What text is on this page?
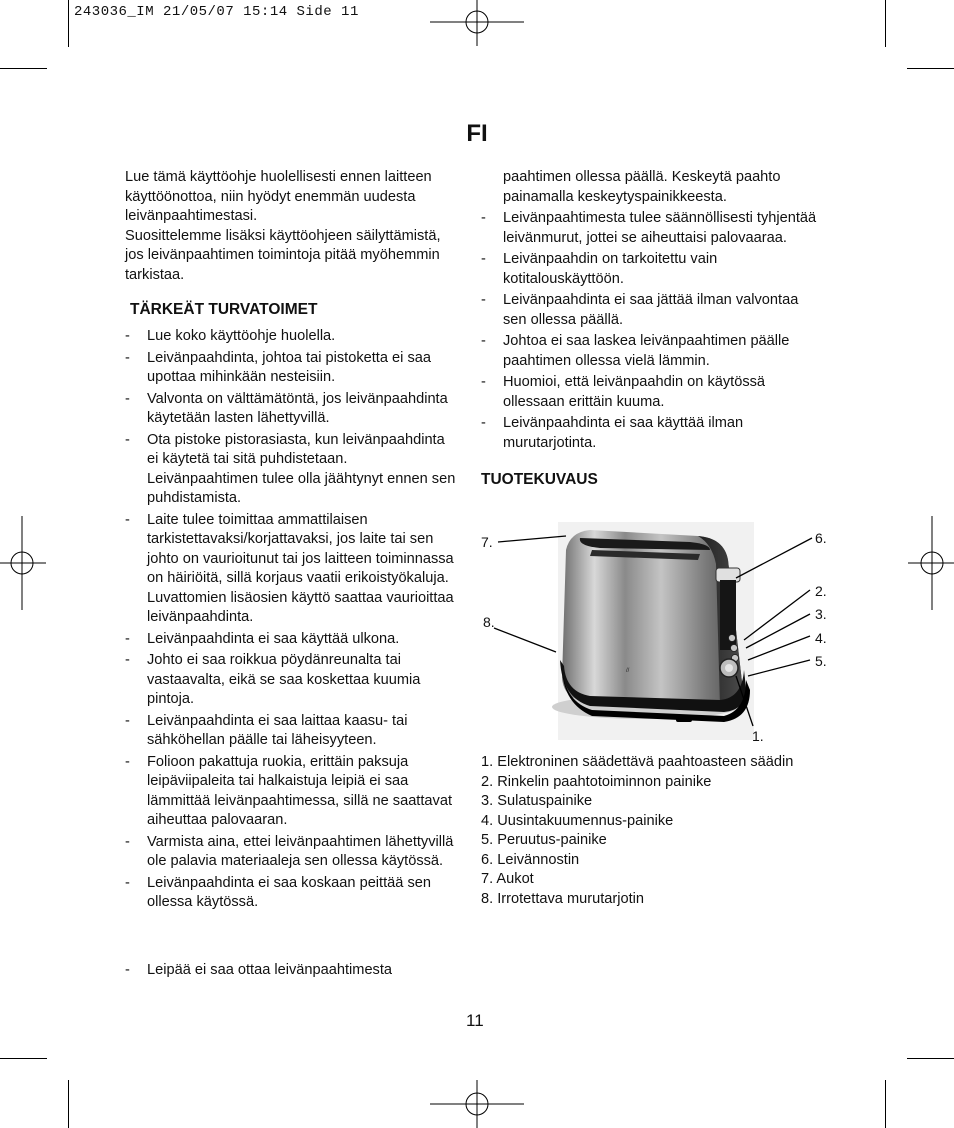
243036_IM 21/05/07 15:14 Side 11
FI

Lue tämä käyttöohje huolellisesti ennen laitteen käyttöönottoa, niin hyödyt enemmän uudesta leivänpaahtimestasi.

Suosittelemme lisäksi käyttöohjeen säilyttämistä, jos leivänpaahtimen toimintoja pitää myöhemmin tarkistaa.

TÄRKEÄT TURVATOIMET
- Lue koko käyttöohje huolella.
- Leivänpaahdinta, johtoa tai pistoketta ei saa upottaa mihinkään nesteisiin.
- Valvonta on välttämätöntä, jos leivänpaahdinta käytetään lasten lähettyvillä.
- Ota pistoke pistorasiasta, kun leivänpaahdinta ei käytetä tai sitä puhdistetaan. Leivänpaahtimen tulee olla jäähtynyt ennen sen puhdistamista.
- Laite tulee toimittaa ammattilaisen tarkistettavaksi/korjattavaksi, jos laite tai sen johto on vaurioitunut tai jos laitteen toiminnassa on häiriöitä, sillä korjaus vaatii erikoistyökaluja. Luvattomien lisäosien käyttö saattaa vaurioittaa leivänpaahdinta.
- Leivänpaahdinta ei saa käyttää ulkona.
- Johto ei saa roikkua pöydänreunalta tai vastaavalta, eikä se saa koskettaa kuumia pintoja.
- Leivänpaahdinta ei saa laittaa kaasu- tai sähköhellan päälle tai läheisyyteen.
- Folioon pakattuja ruokia, erittäin paksuja leipäviipaleita tai halkaistuja leipiä ei saa lämmittää leivänpaahtimessa, sillä ne saattavat aiheuttaa palovaaran.
- Varmista aina, ettei leivänpaahtimen lähettyvillä ole palavia materiaaleja sen ollessa käytössä.
- Leivänpaahdinta ei saa koskaan peittää sen ollessa käytössä.
- Leipää ei saa ottaa leivänpaahtimesta

paahtimen ollessa päällä. Keskeytä paahto painamalla keskeytyspainikkeesta.

- Leivänpaahtimesta tulee säännöllisesti tyhjentää leivänmurut, jottei se aiheuttaisi palovaaraa.
- Leivänpaahdin on tarkoitettu vain kotitalouskäyttöön.
- Leivänpaahdinta ei saa jättää ilman valvontaa sen ollessa päällä.
- Johtoa ei saa laskea leivänpaahtimen päälle paahtimen ollessa vielä lämmin.
- Huomioi, että leivänpaahdin on käytössä ollessaan erittäin kuuma.
- Leivänpaahdinta ei saa käyttää ilman murutarjotinta.
TUOTEKUVAUS
//
7.	6.
2.
3.
8.
4.
5.
1.
1. Elektroninen säädettävä paahtoasteen säädin
2. Rinkelin paahtotoiminnon painike
3. Sulatuspainike
4. Uusintakuumennus-painike
5. Peruutus-painike
6. Leivännostin
7. Aukot
8. Irrotettava murutarjotin
11
